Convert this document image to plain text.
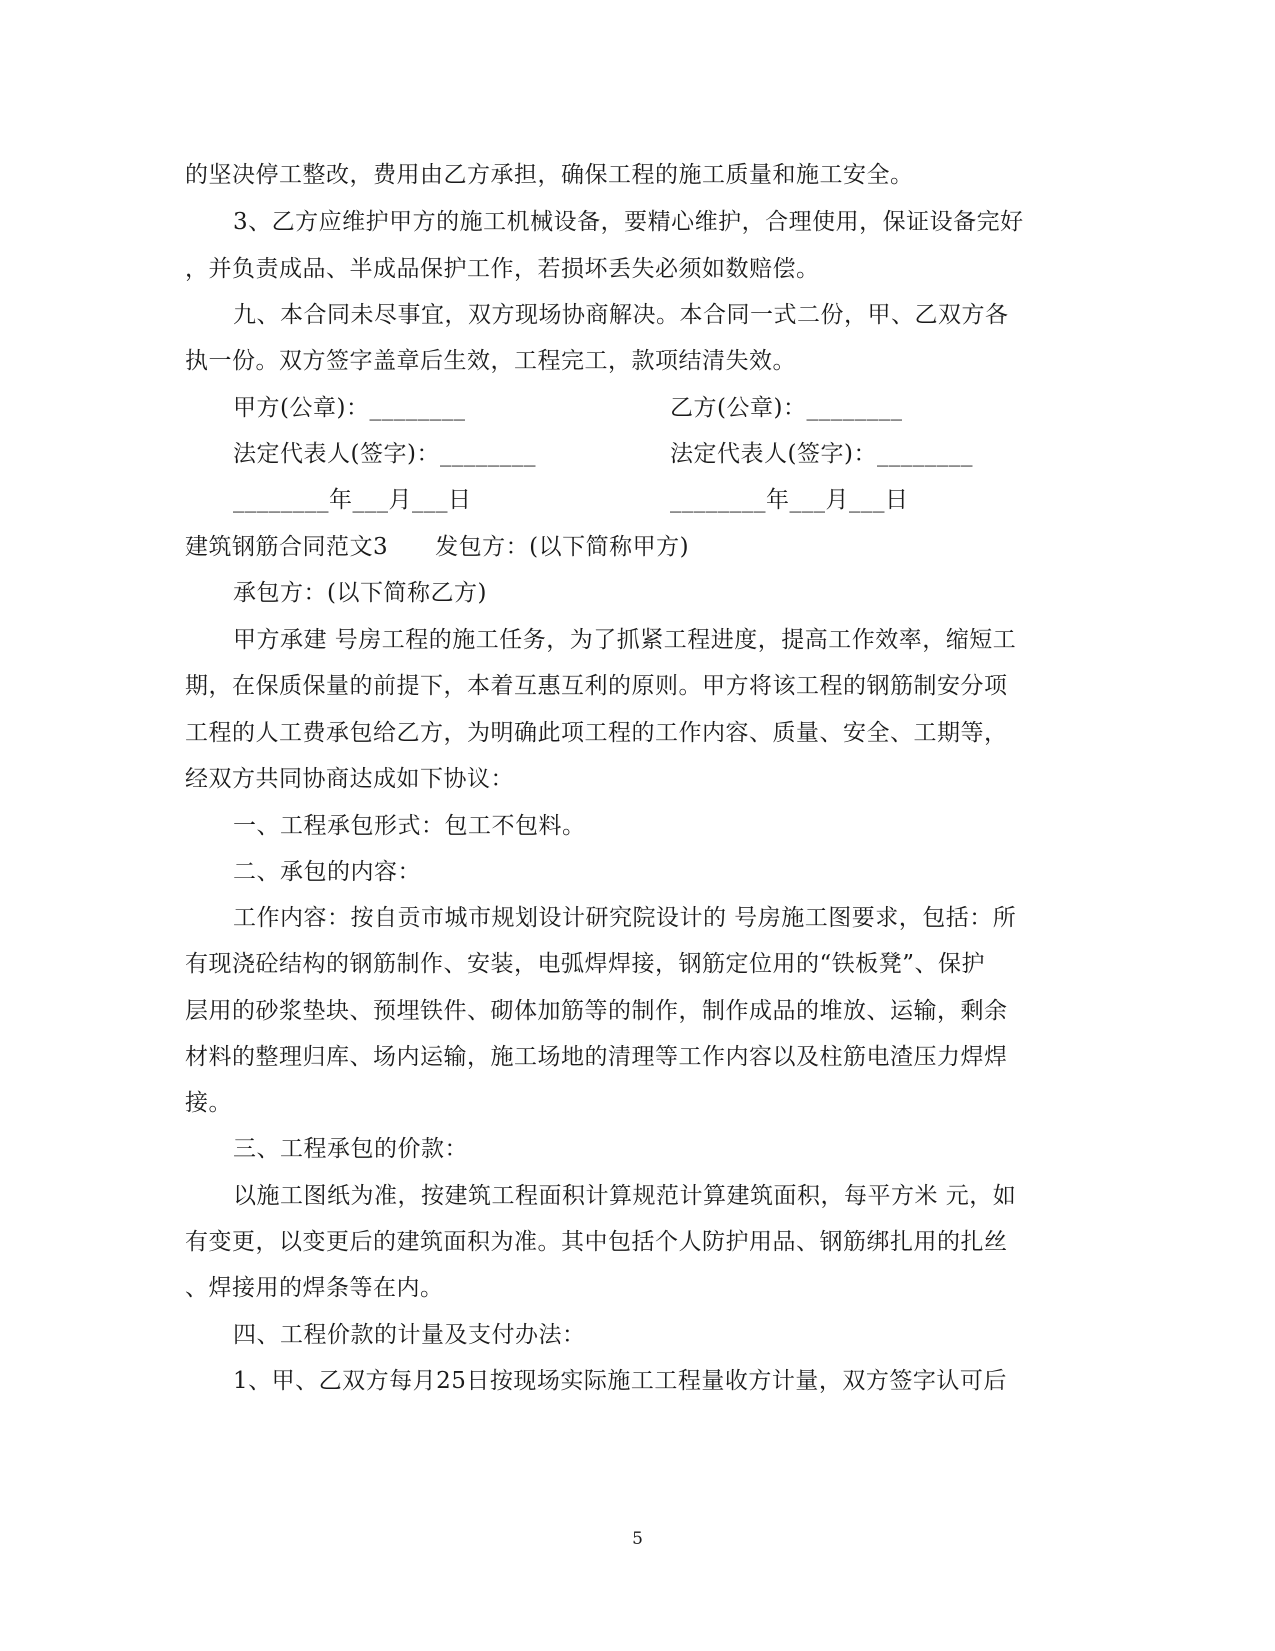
的坚决停工整改，费用由乙方承担，确保工程的施工质量和施工安全。
3、乙方应维护甲方的施工机械设备，要精心维护，合理使用，保证设备完好
，并负责成品、半成品保护工作，若损坏丢失必须如数赔偿。
九、本合同未尽事宜，双方现场协商解决。本合同一式二份，甲、乙双方各
执一份。双方签字盖章后生效，工程完工，款项结清失效。
甲方(公章)：________	乙方(公章)：________
法定代表人(签字)：________	法定代表人(签字)：________
________年___月___日	________年___月___日
建筑钢筋合同范文3　　发包方：(以下简称甲方)
承包方：(以下简称乙方)
甲方承建 号房工程的施工任务，为了抓紧工程进度，提高工作效率，缩短工
期，在保质保量的前提下，本着互惠互利的原则。甲方将该工程的钢筋制安分项
工程的人工费承包给乙方，为明确此项工程的工作内容、质量、安全、工期等，
经双方共同协商达成如下协议：
一、工程承包形式：包工不包料。
二、承包的内容：
工作内容：按自贡市城市规划设计研究院设计的 号房施工图要求，包括：所
有现浇砼结构的钢筋制作、安装，电弧焊焊接，钢筋定位用的“铁板凳”、保护
层用的砂浆垫块、预埋铁件、砌体加筋等的制作，制作成品的堆放、运输，剩余
材料的整理归库、场内运输，施工场地的清理等工作内容以及柱筋电渣压力焊焊
接。
三、工程承包的价款：
以施工图纸为准，按建筑工程面积计算规范计算建筑面积，每平方米 元，如
有变更，以变更后的建筑面积为准。其中包括个人防护用品、钢筋绑扎用的扎丝
、焊接用的焊条等在内。
四、工程价款的计量及支付办法：
1、甲、乙双方每月25日按现场实际施工工程量收方计量，双方签字认可后
5
